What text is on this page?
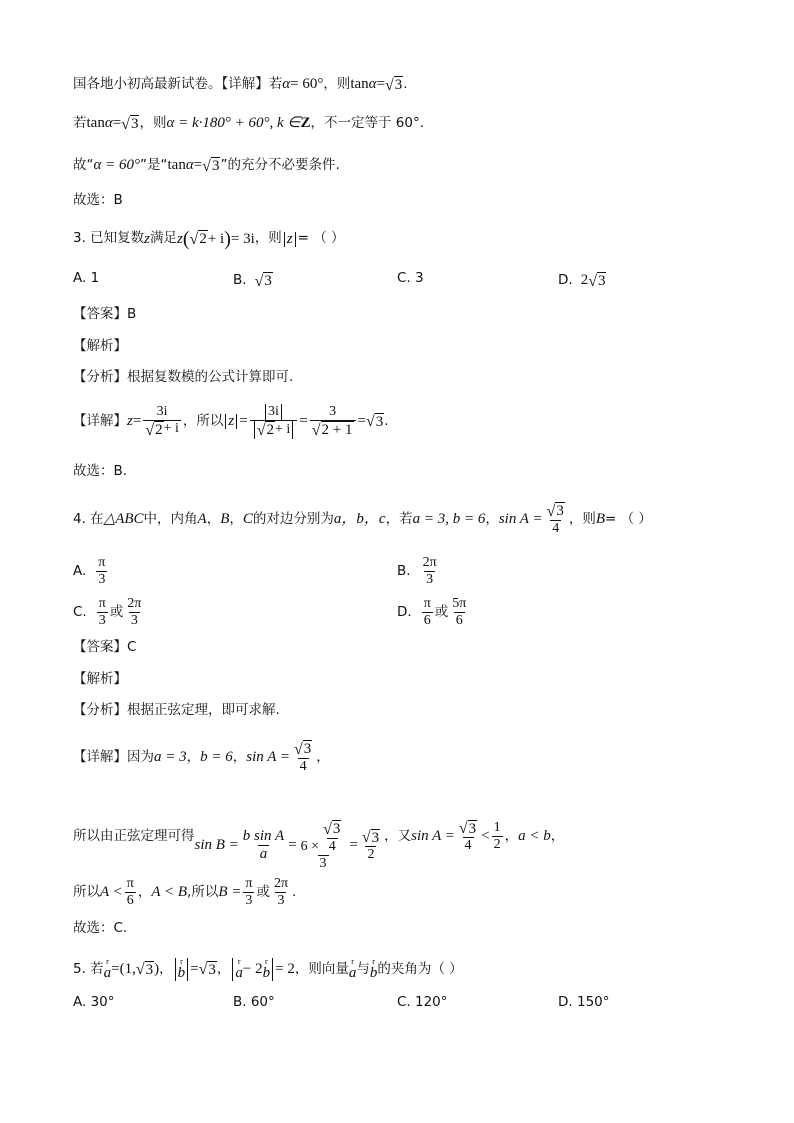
国各地小初高最新试卷。【详解】若 α = 60° ，则 tan α = √ 3 .
若 tan α = √ 3 ，则 α = k·180° + 60°, k ∈ Z ，不一定等于 60°.
故“ α = 60° ”是“ tan α = √ 3 ”的充分不必要条件.
故选：B
3. 已知复数 z 满足 z ( √ 2 + i ) = 3i ，则 z = （ ）
A. 1	B. √ 3	C. 3	D. 2 √ 3
【答案】B
【解析】
【分析】根据复数模的公式计算即可.
【详解】 $z = \frac{3i}{√ 2 + i}$ ，所以 $z = \frac{3i}{√ 2 + i} = \frac{3}{√ 2 + 1}$ = √ 3 .
故选：B.
4. 在 △ABC 中，内角 A ， B ， C 的对边分别为 a，b，c ，若 a = 3, b = 6 ， $\sin A = \frac{√ 3}{4}$ ，则 B = （ ）
A. $\frac{\pi}{3}$	B. $\frac{2\pi}{3}$
C. $\frac{\pi}{3}$ 或 $\frac{2\pi}{3}$	D. $\frac{\pi}{6}$ 或 $\frac{5\pi}{6}$
【答案】C
【解析】
【分析】根据正弦定理，即可求解.
【详解】因为 a = 3 ， b = 6 ， $\sin A = \frac{√ 3}{4}$ ，
所以由正弦定理可得
$\sin B = \frac{\text{b sin A}}{a} = \frac{6 \times \frac{√ 3}{4}}{3} = \frac{√ 3}{2}$ ，又 $\sin A = \frac{√ 3}{4} < \frac{1}{2}$ ， a < b ，
所以 $A < \frac{\pi}{6}$ ， A < B ,所以 $B = \frac{\pi}{3}$ 或 $\frac{2\pi}{3}$ .
故选：C.
5. 若 r
a = (1, √ 3 ) ， r
b = √ 3 ， r
a − 2 r
b = 2 ，则向量 r
a 与 r
b 的夹角为（ ）
A. 30°	B. 60°	C. 120°	D. 150°
